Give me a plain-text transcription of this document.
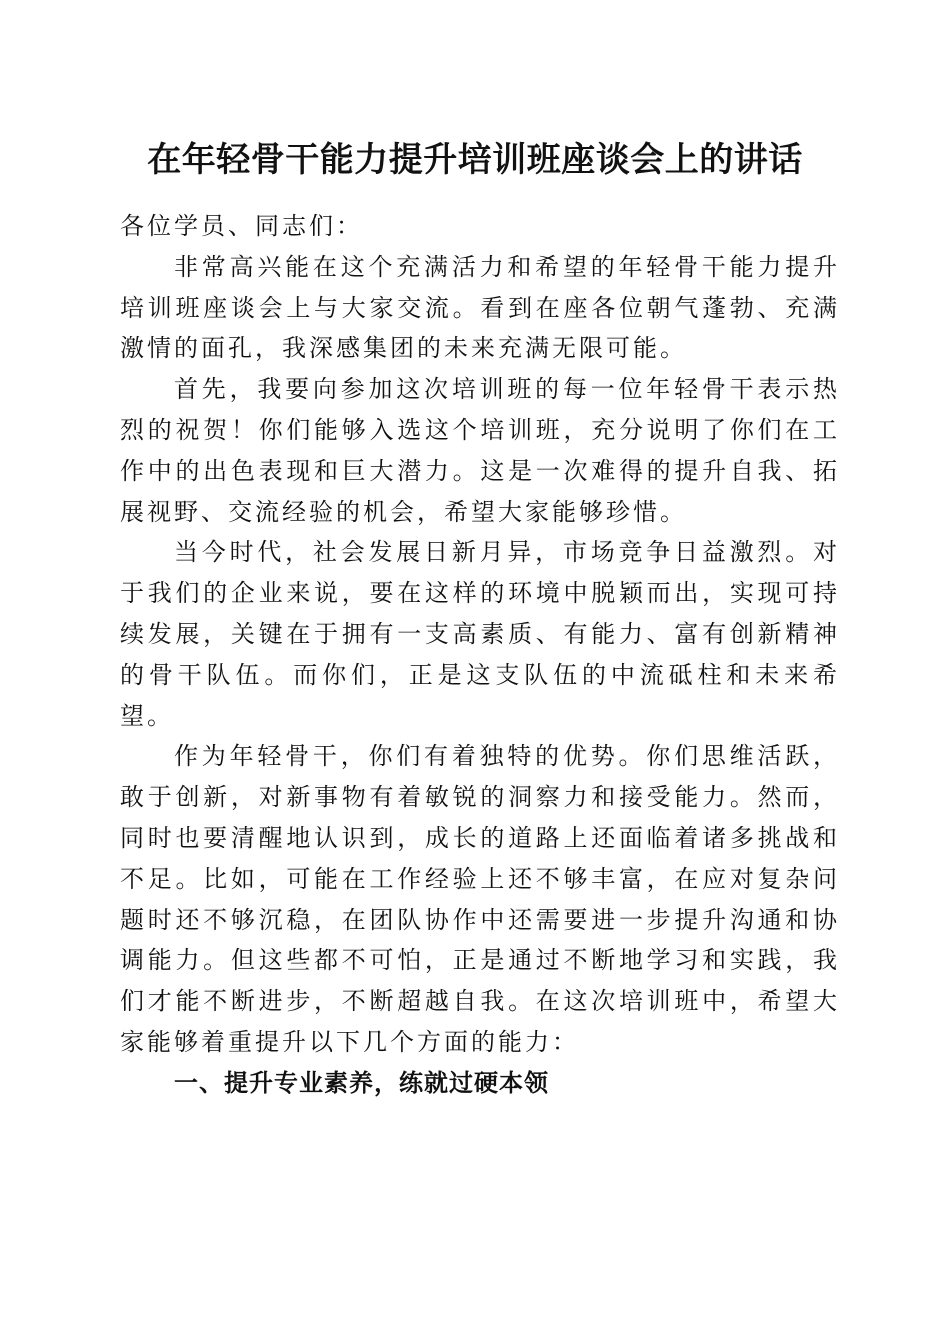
在年轻骨干能力提升培训班座谈会上的讲话

各位学员、同志们：

非常高兴能在这个充满活力和希望的年轻骨干能力提升培训班座谈会上与大家交流。看到在座各位朝气蓬勃、充满激情的面孔，我深感集团的未来充满无限可能。

首先，我要向参加这次培训班的每一位年轻骨干表示热烈的祝贺！你们能够入选这个培训班，充分说明了你们在工作中的出色表现和巨大潜力。这是一次难得的提升自我、拓展视野、交流经验的机会，希望大家能够珍惜。

当今时代，社会发展日新月异，市场竞争日益激烈。对于我们的企业来说，要在这样的环境中脱颖而出，实现可持续发展，关键在于拥有一支高素质、有能力、富有创新精神的骨干队伍。而你们，正是这支队伍的中流砥柱和未来希望。

作为年轻骨干，你们有着独特的优势。你们思维活跃，敢于创新，对新事物有着敏锐的洞察力和接受能力。然而，同时也要清醒地认识到，成长的道路上还面临着诸多挑战和不足。比如，可能在工作经验上还不够丰富，在应对复杂问题时还不够沉稳，在团队协作中还需要进一步提升沟通和协调能力。但这些都不可怕，正是通过不断地学习和实践，我们才能不断进步，不断超越自我。在这次培训班中，希望大家能够着重提升以下几个方面的能力：

一、提升专业素养，练就过硬本领
